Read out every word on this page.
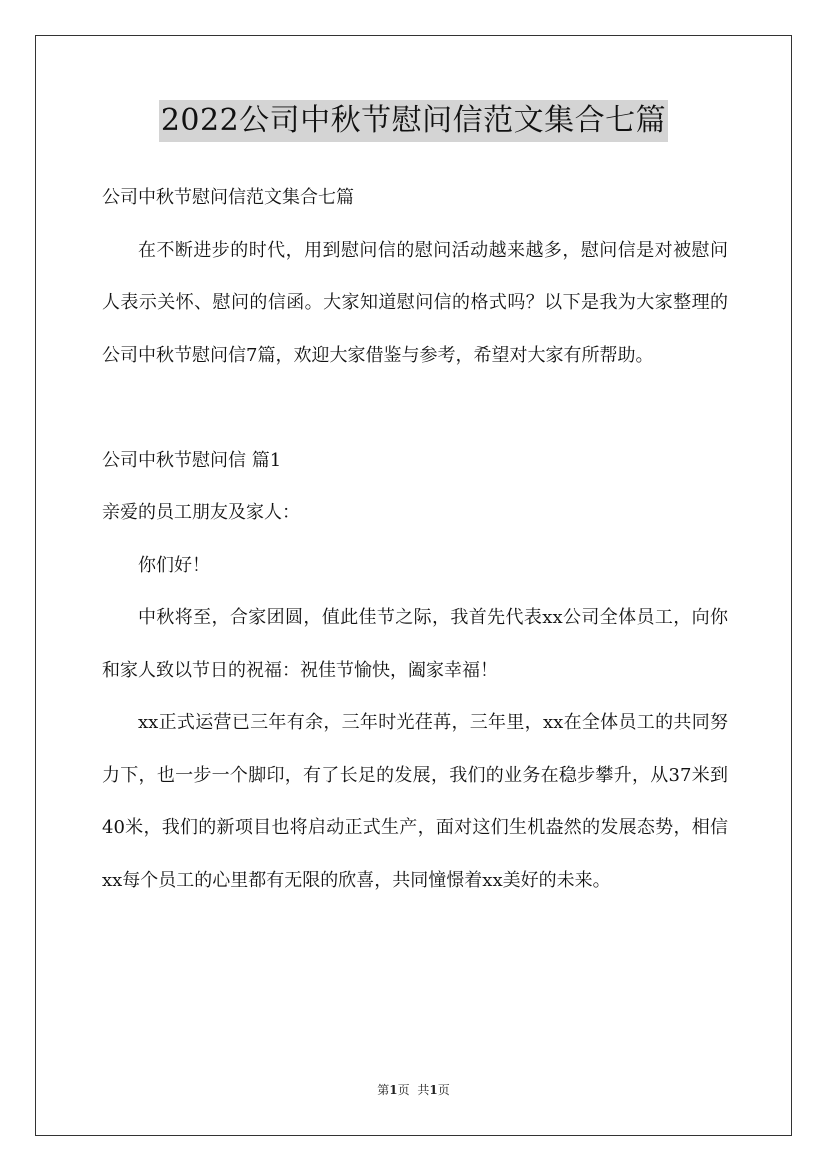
2022公司中秋节慰问信范文集合七篇

公司中秋节慰问信范文集合七篇

在不断进步的时代，用到慰问信的慰问活动越来越多，慰问信是对被慰问人表示关怀、慰问的信函。大家知道慰问信的格式吗？以下是我为大家整理的公司中秋节慰问信7篇，欢迎大家借鉴与参考，希望对大家有所帮助。

公司中秋节慰问信 篇1

亲爱的员工朋友及家人：

你们好！

中秋将至，合家团圆，值此佳节之际，我首先代表xx公司全体员工，向你和家人致以节日的祝福：祝佳节愉快，阖家幸福！

xx正式运营已三年有余，三年时光荏苒，三年里，xx在全体员工的共同努力下，也一步一个脚印，有了长足的发展，我们的业务在稳步攀升，从37米到40米，我们的新项目也将启动正式生产，面对这们生机盎然的发展态势，相信xx每个员工的心里都有无限的欣喜，共同憧憬着xx美好的未来。

第1页 共1页
